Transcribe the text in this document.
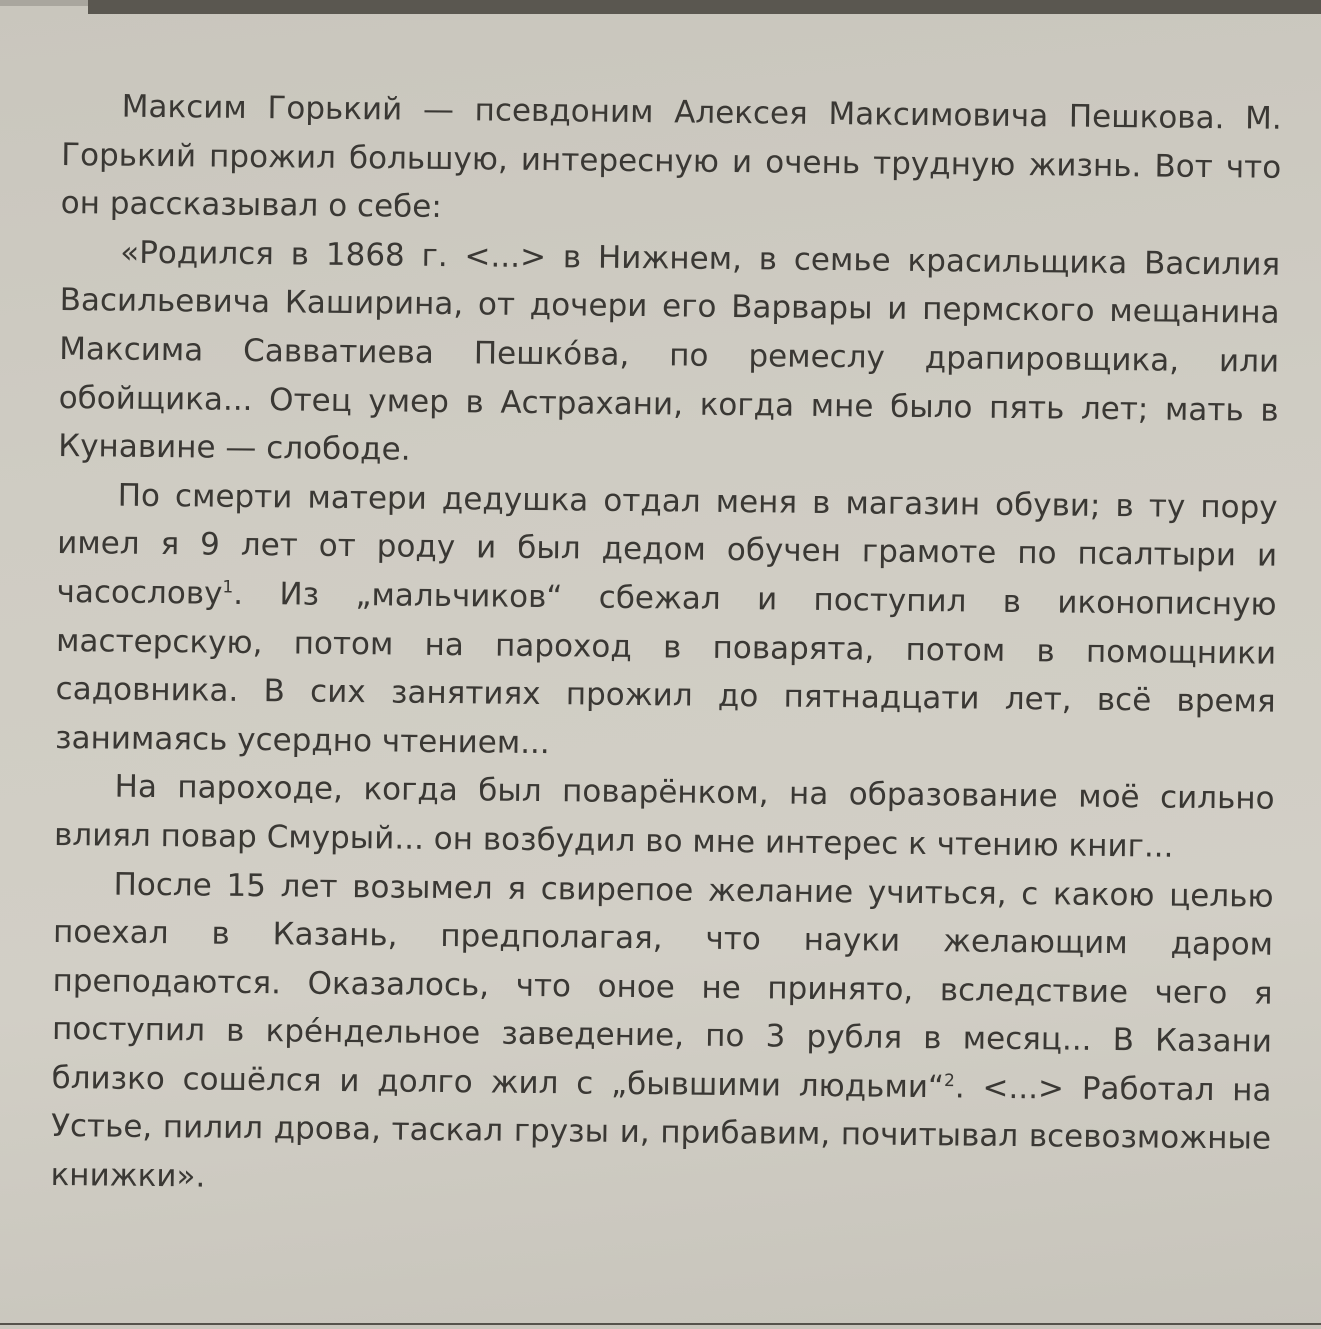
Максим Горький — псевдоним Алексея Максимовича Пешкова. М. Горький прожил большую, интересную и очень трудную жизнь. Вот что он рассказывал о себе:

«Родился в 1868 г. <...> в Нижнем, в семье красильщика Василия Васильевича Каширина, от дочери его Варвары и пермского мещанина Максима Савватиева Пешкóва, по ремеслу драпировщика, или обойщика... Отец умер в Астрахани, когда мне было пять лет; мать в Кунавине — слободе.

По смерти матери дедушка отдал меня в магазин обуви; в ту пору имел я 9 лет от роду и был дедом обучен грамоте по псалтыри и часослову$^1$. Из „мальчиков“ сбежал и поступил в иконописную мастерскую, потом на пароход в поварята, потом в помощники садовника. В сих занятиях прожил до пятнадцати лет, всё время занимаясь усердно чтением...

На пароходе, когда был поварёнком, на образование моё сильно влиял повар Смурый... он возбудил во мне интерес к чтению книг...

После 15 лет возымел я свирепое желание учиться, с какою целью поехал в Казань, предполагая, что науки желающим даром преподаются. Оказалось, что оное не принято, вследствие чего я поступил в крéндельное заведение, по 3 рубля в месяц... В Казани близко сошёлся и долго жил с „бывшими людьми“$^2$. <...> Работал на Устье, пилил дрова, таскал грузы и, прибавим, почитывал всевозможные книжки».
